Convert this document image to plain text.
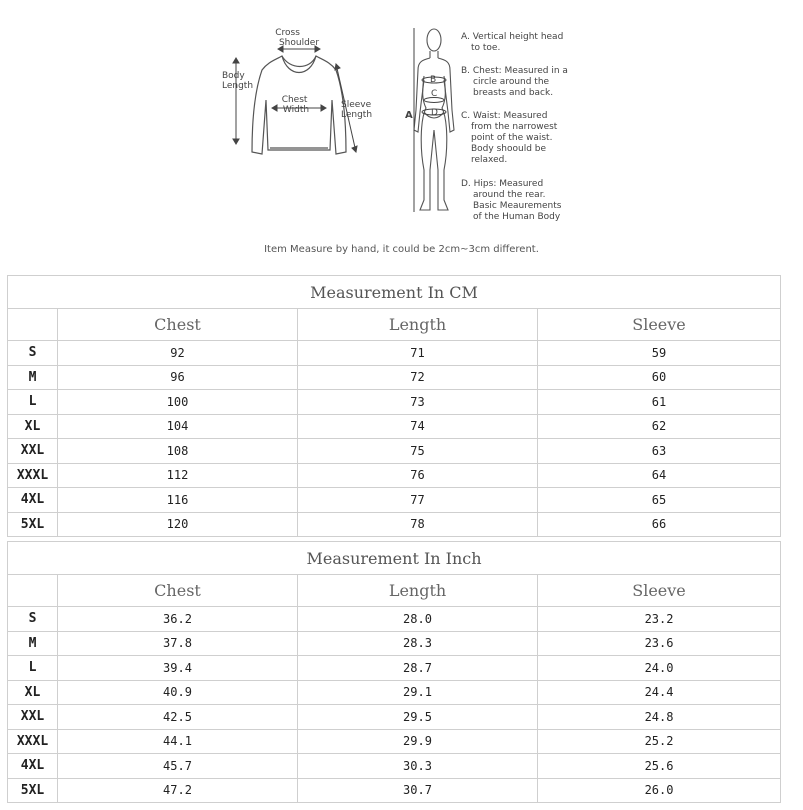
Cross Shoulder
Body Length
Chest Width	Sleeve Length	A
B
C
D
A. Vertical height head to toe.
B. Chest: Measured in a circle around the breasts and back.
C. Waist: Measured from the narrowest point of the waist. Body shoould be relaxed.
D. Hips: Measured around the rear. Basic Meaurements of the Human Body
Item Measure by hand, it could be 2cm~3cm different.
Measurement In CM			
	Chest	Length	Sleeve
S	92	71	59
M	96	72	60
L	100	73	61
XL	104	74	62
XXL	108	75	63
XXXL	112	76	64
4XL	116	77	65
5XL	120	78	66
Measurement In Inch			
	Chest	Length	Sleeve
S	36.2	28.0	23.2
M	37.8	28.3	23.6
L	39.4	28.7	24.0
XL	40.9	29.1	24.4
XXL	42.5	29.5	24.8
XXXL	44.1	29.9	25.2
4XL	45.7	30.3	25.6
5XL	47.2	30.7	26.0
